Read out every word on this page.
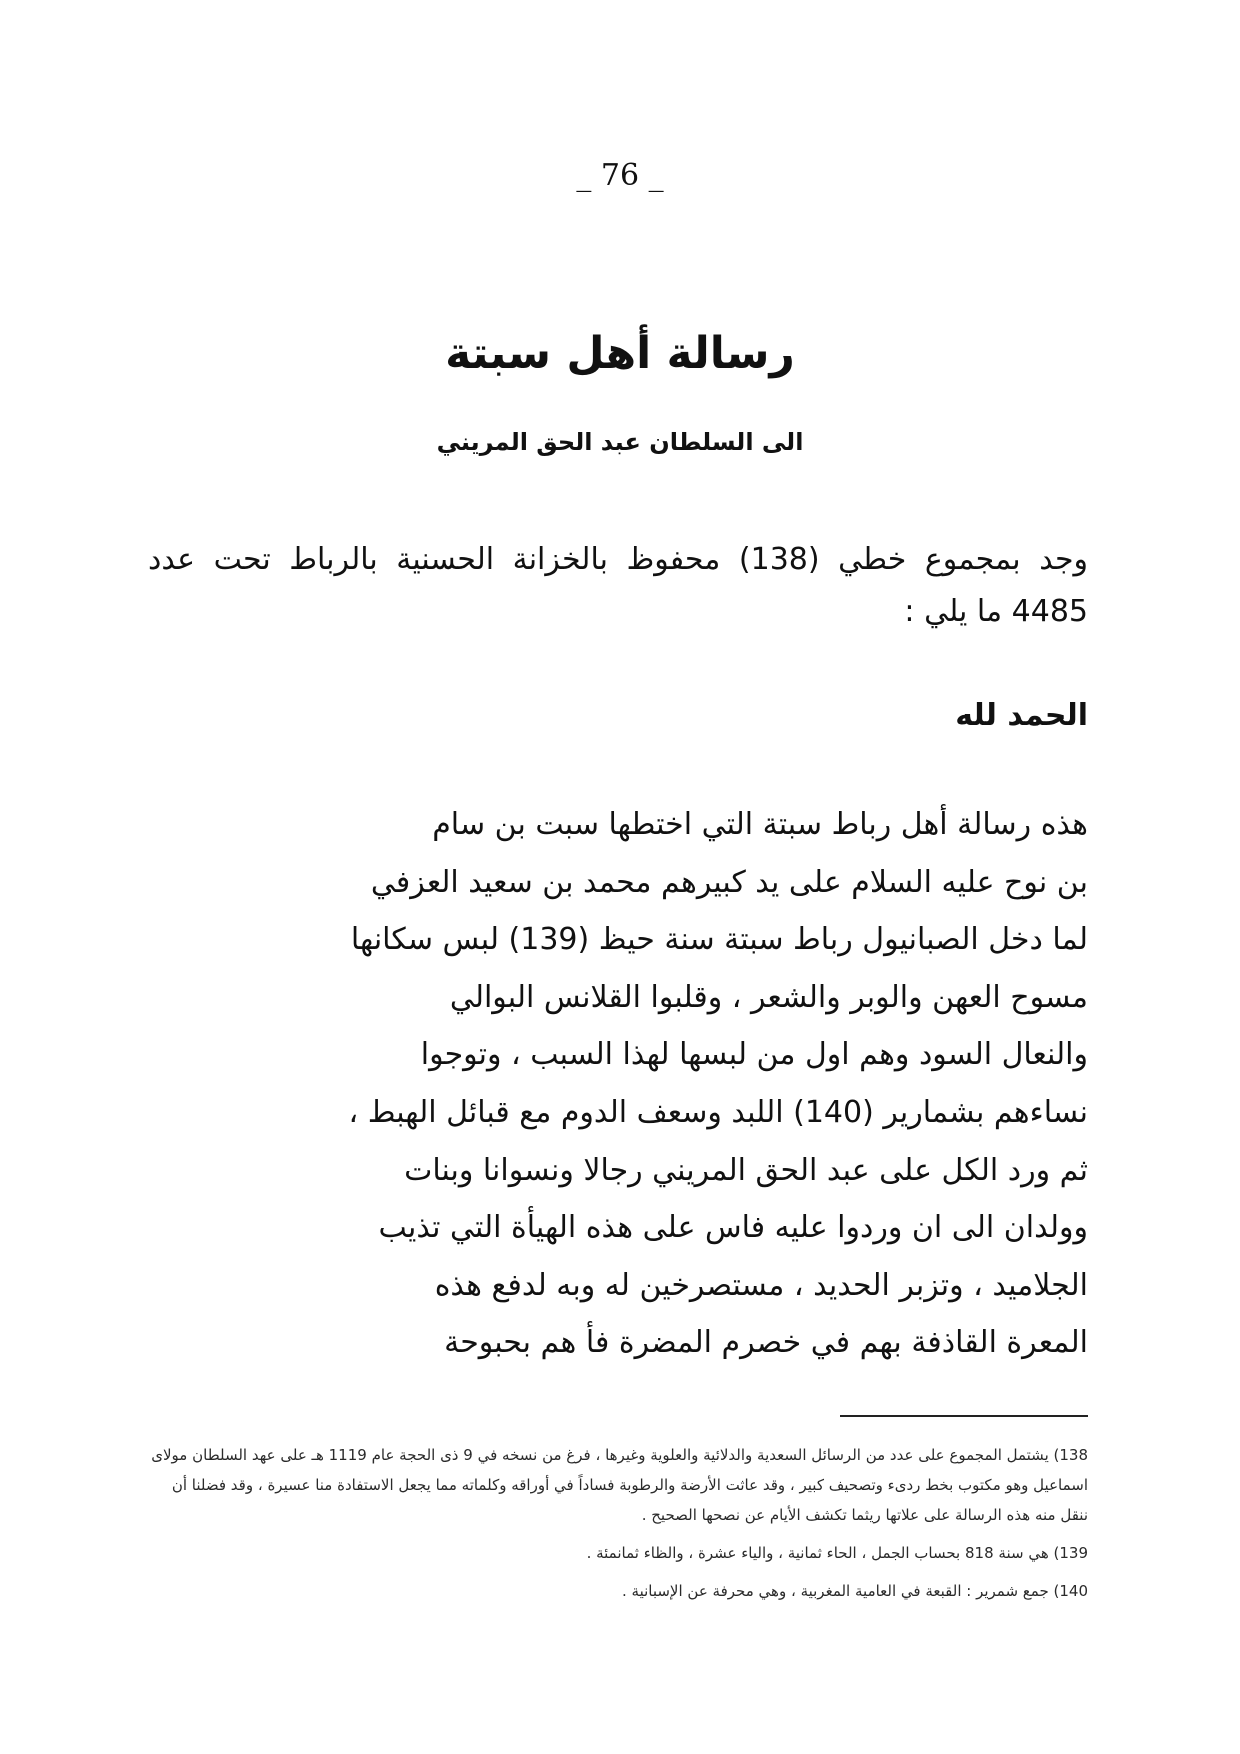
_ 76 _
رسالة أهل سبتة
الى السلطان عبد الحق المريني
وجد بمجموع خطي (138) محفوظ بالخزانة الحسنية بالرباط تحت عدد 4485 ما يلي :
الحمد لله
هذه رسالة أهل رباط سبتة التي اختطها سبت بن سام
بن نوح عليه السلام على يد كبيرهم محمد بن سعيد العزفي
لما دخل الصبانيول رباط سبتة سنة حيظ (139) لبس سكانها
مسوح العهن والوبر والشعر ، وقلبوا القلانس البوالي
والنعال السود وهم اول من لبسها لهذا السبب ، وتوجوا
نساءهم بشمارير (140) اللبد وسعف الدوم مع قبائل الهبط ،
ثم ورد الكل على عبد الحق المريني رجالا ونسوانا وبنات
وولدان الى ان وردوا عليه فاس على هذه الهيأة التي تذيب
الجلاميد ، وتزبر الحديد ، مستصرخين له وبه لدفع هذه
المعرة القاذفة بهم في خصرم المضرة فأ هم بحبوحة

138) يشتمل المجموع على عدد من الرسائل السعدية والدلائية والعلوية وغيرها ، فرغ من نسخه في 9 ذى الحجة عام 1119 هـ على عهد السلطان مولاى اسماعيل وهو مكتوب بخط ردىء وتصحيف كبير ، وقد عاثت الأرضة والرطوبة فساداً في أوراقه وكلماته مما يجعل الاستفادة منا عسيرة ، وقد فضلنا أن ننقل منه هذه الرسالة على علاتها ريثما تكشف الأيام عن نصحها الصحيح .

139) هي سنة 818 بحساب الجمل ، الحاء ثمانية ، والياء عشرة ، والظاء ثمانمئة .

140) جمع شمرير : القبعة في العامية المغربية ، وهي محرفة عن الإسبانية .
